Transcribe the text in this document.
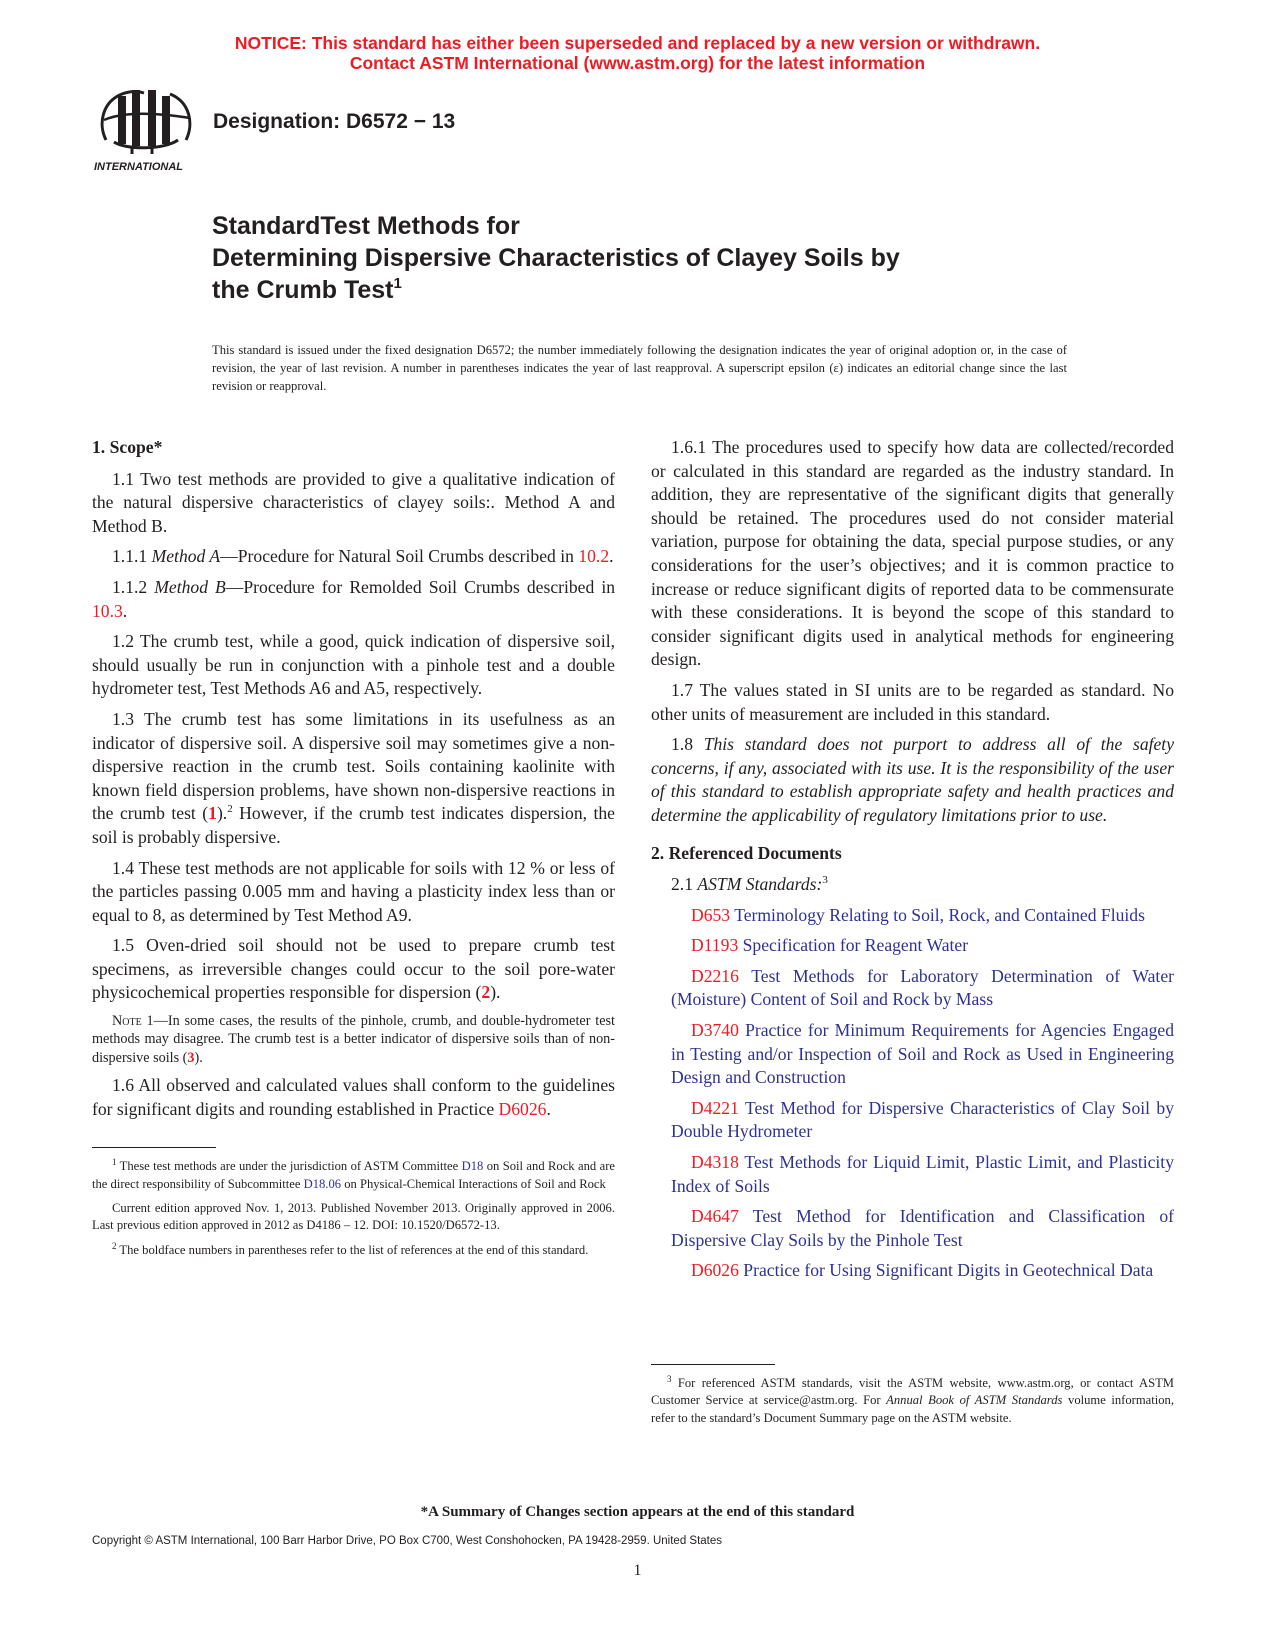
NOTICE: This standard has either been superseded and replaced by a new version or withdrawn.
Contact ASTM International (www.astm.org) for the latest information
INTERNATIONAL
Designation: D6572 − 13
StandardTest Methods for
Determining Dispersive Characteristics of Clayey Soils by
the Crumb Test$^1$
This standard is issued under the fixed designation D6572; the number immediately following the designation indicates the year of original adoption or, in the case of revision, the year of last revision. A number in parentheses indicates the year of last reapproval. A superscript epsilon (ε) indicates an editorial change since the last revision or reapproval.
1. Scope*

1.1 Two test methods are provided to give a qualitative indication of the natural dispersive characteristics of clayey soils:. Method A and Method B.

1.1.1 Method A—Procedure for Natural Soil Crumbs described in 10.2.

1.1.2 Method B—Procedure for Remolded Soil Crumbs described in 10.3.

1.2 The crumb test, while a good, quick indication of dispersive soil, should usually be run in conjunction with a pinhole test and a double hydrometer test, Test Methods A6 and A5, respectively.

1.3 The crumb test has some limitations in its usefulness as an indicator of dispersive soil. A dispersive soil may sometimes give a non-dispersive reaction in the crumb test. Soils containing kaolinite with known field dispersion problems, have shown non-dispersive reactions in the crumb test (1).$^2$ However, if the crumb test indicates dispersion, the soil is probably dispersive.

1.4 These test methods are not applicable for soils with 12 % or less of the particles passing 0.005 mm and having a plasticity index less than or equal to 8, as determined by Test Method A9.

1.5 Oven-dried soil should not be used to prepare crumb test specimens, as irreversible changes could occur to the soil pore-water physicochemical properties responsible for dispersion (2).

Note 1—In some cases, the results of the pinhole, crumb, and double-hydrometer test methods may disagree. The crumb test is a better indicator of dispersive soils than of non-dispersive soils (3).

1.6 All observed and calculated values shall conform to the guidelines for significant digits and rounding established in Practice D6026.

$^1$ These test methods are under the jurisdiction of ASTM Committee D18 on Soil and Rock and are the direct responsibility of Subcommittee D18.06 on Physical-Chemical Interactions of Soil and Rock

Current edition approved Nov. 1, 2013. Published November 2013. Originally approved in 2006. Last previous edition approved in 2012 as D4186 – 12. DOI: 10.1520/D6572-13.

$^2$ The boldface numbers in parentheses refer to the list of references at the end of this standard.

1.6.1 The procedures used to specify how data are collected/recorded or calculated in this standard are regarded as the industry standard. In addition, they are representative of the significant digits that generally should be retained. The procedures used do not consider material variation, purpose for obtaining the data, special purpose studies, or any considerations for the user’s objectives; and it is common practice to increase or reduce significant digits of reported data to be commensurate with these considerations. It is beyond the scope of this standard to consider significant digits used in analytical methods for engineering design.

1.7 The values stated in SI units are to be regarded as standard. No other units of measurement are included in this standard.

1.8 This standard does not purport to address all of the safety concerns, if any, associated with its use. It is the responsibility of the user of this standard to establish appropriate safety and health practices and determine the applicability of regulatory limitations prior to use.

2. Referenced Documents

2.1 ASTM Standards:$^3$

D653 Terminology Relating to Soil, Rock, and Contained Fluids

D1193 Specification for Reagent Water

D2216 Test Methods for Laboratory Determination of Water (Moisture) Content of Soil and Rock by Mass

D3740 Practice for Minimum Requirements for Agencies Engaged in Testing and/or Inspection of Soil and Rock as Used in Engineering Design and Construction

D4221 Test Method for Dispersive Characteristics of Clay Soil by Double Hydrometer

D4318 Test Methods for Liquid Limit, Plastic Limit, and Plasticity Index of Soils

D4647 Test Method for Identification and Classification of Dispersive Clay Soils by the Pinhole Test

D6026 Practice for Using Significant Digits in Geotechnical Data

$^3$ For referenced ASTM standards, visit the ASTM website, www.astm.org, or contact ASTM Customer Service at service@astm.org. For Annual Book of ASTM Standards volume information, refer to the standard’s Document Summary page on the ASTM website.

*A Summary of Changes section appears at the end of this standard
Copyright © ASTM International, 100 Barr Harbor Drive, PO Box C700, West Conshohocken, PA 19428-2959. United States
1
